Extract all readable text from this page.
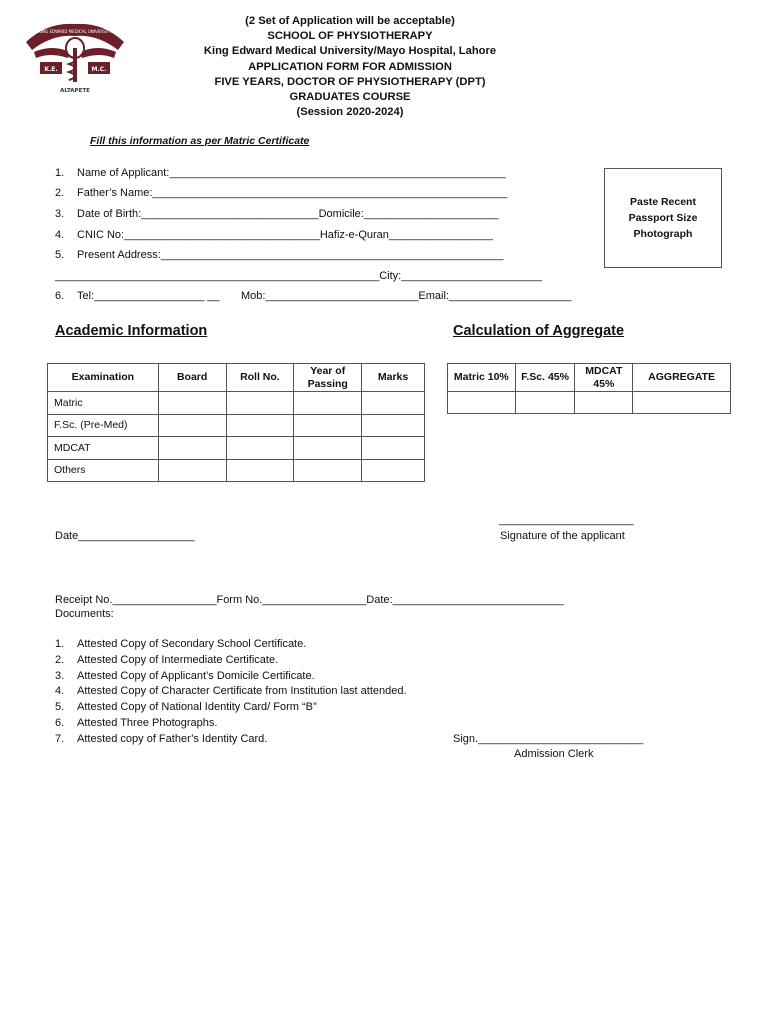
KING EDWARD MEDICAL UNIVERSITY
K.E.	M.C.
ALTAPETE
(2 Set of Application will be acceptable)
SCHOOL OF PHYSIOTHERAPY
King Edward Medical University/Mayo Hospital, Lahore
APPLICATION FORM FOR ADMISSION
FIVE YEARS, DOCTOR OF PHYSIOTHERAPY (DPT)
GRADUATES COURSE
(Session 2020-2024)
Fill this information as per Matric Certificate
1. Name of Applicant:_______________________________________________________
2. Father’s Name:__________________________________________________________
3. Date of Birth:_____________________________Domicile:______________________
4. CNIC No:________________________________Hafiz-e-Quran_________________
5. Present Address:________________________________________________________
_____________________________________________________City:_______________________
6. Tel:__________________ __ Mob:_________________________Email:____________________
Paste Recent
Passport Size
Photograph
Academic Information	Calculation of Aggregate
Examination	Board	Roll No.	Year of Passing	Marks
Matric				
F.Sc. (Pre-Med)				
MDCAT				
Others				
Matric 10%	F.Sc. 45%	MDCAT 45%	AGGREGATE

Date___________________
______________________
Signature of the applicant
Receipt No._________________Form No._________________Date:____________________________
Documents:
1. Attested Copy of Secondary School Certificate.
2. Attested Copy of Intermediate Certificate.
3. Attested Copy of Applicant’s Domicile Certificate.
4. Attested Copy of Character Certificate from Institution last attended.
5. Attested Copy of National Identity Card/ Form “B”
6. Attested Three Photographs.
7. Attested copy of Father’s Identity Card.	Sign.___________________________
Admission Clerk
